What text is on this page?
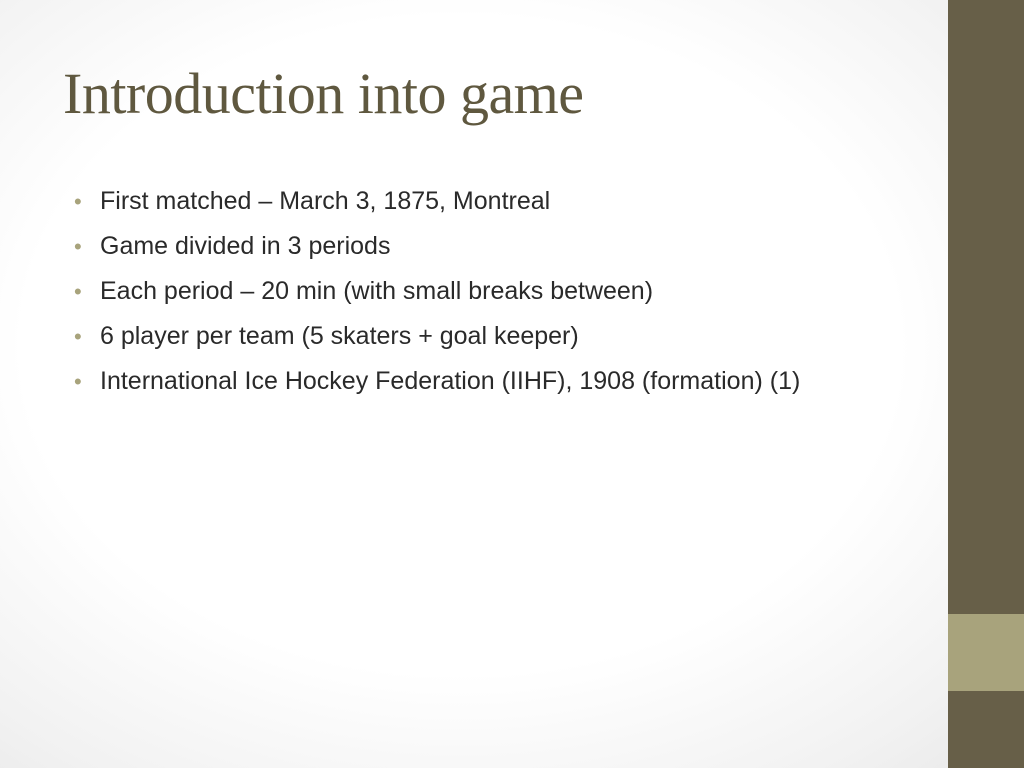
Introduction into game
• First matched – March 3, 1875, Montreal
• Game divided in 3 periods
• Each period – 20 min (with small breaks between)
• 6 player per team (5 skaters + goal keeper)
• International Ice Hockey Federation (IIHF), 1908 (formation) (1)
